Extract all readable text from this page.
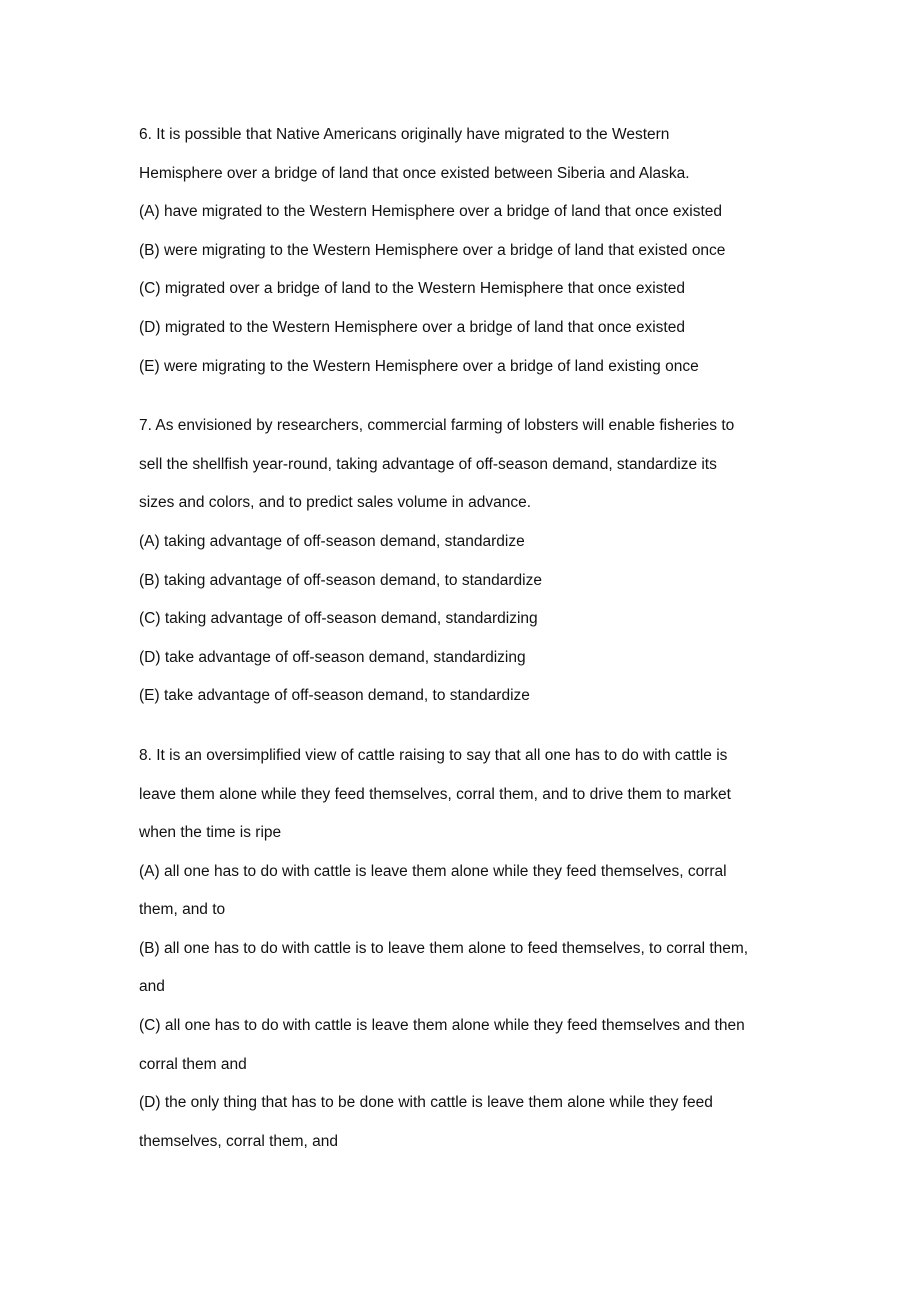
6. It is possible that Native Americans originally have migrated to the Western

Hemisphere over a bridge of land that once existed between Siberia and Alaska.

(A) have migrated to the Western Hemisphere over a bridge of land that once existed

(B) were migrating to the Western Hemisphere over a bridge of land that existed once

(C) migrated over a bridge of land to the Western Hemisphere that once existed

(D) migrated to the Western Hemisphere over a bridge of land that once existed

(E) were migrating to the Western Hemisphere over a bridge of land existing once

7. As envisioned by researchers, commercial farming of lobsters will enable fisheries to

sell the shellfish year-round, taking advantage of off-season demand, standardize its

sizes and colors, and to predict sales volume in advance.

(A) taking advantage of off-season demand, standardize

(B) taking advantage of off-season demand, to standardize

(C) taking advantage of off-season demand, standardizing

(D) take advantage of off-season demand, standardizing

(E) take advantage of off-season demand, to standardize

8. It is an oversimplified view of cattle raising to say that all one has to do with cattle is

leave them alone while they feed themselves, corral them, and to drive them to market

when the time is ripe

(A) all one has to do with cattle is leave them alone while they feed themselves, corral

them, and to

(B) all one has to do with cattle is to leave them alone to feed themselves, to corral them,

and

(C) all one has to do with cattle is leave them alone while they feed themselves and then

corral them and

(D) the only thing that has to be done with cattle is leave them alone while they feed

themselves, corral them, and
